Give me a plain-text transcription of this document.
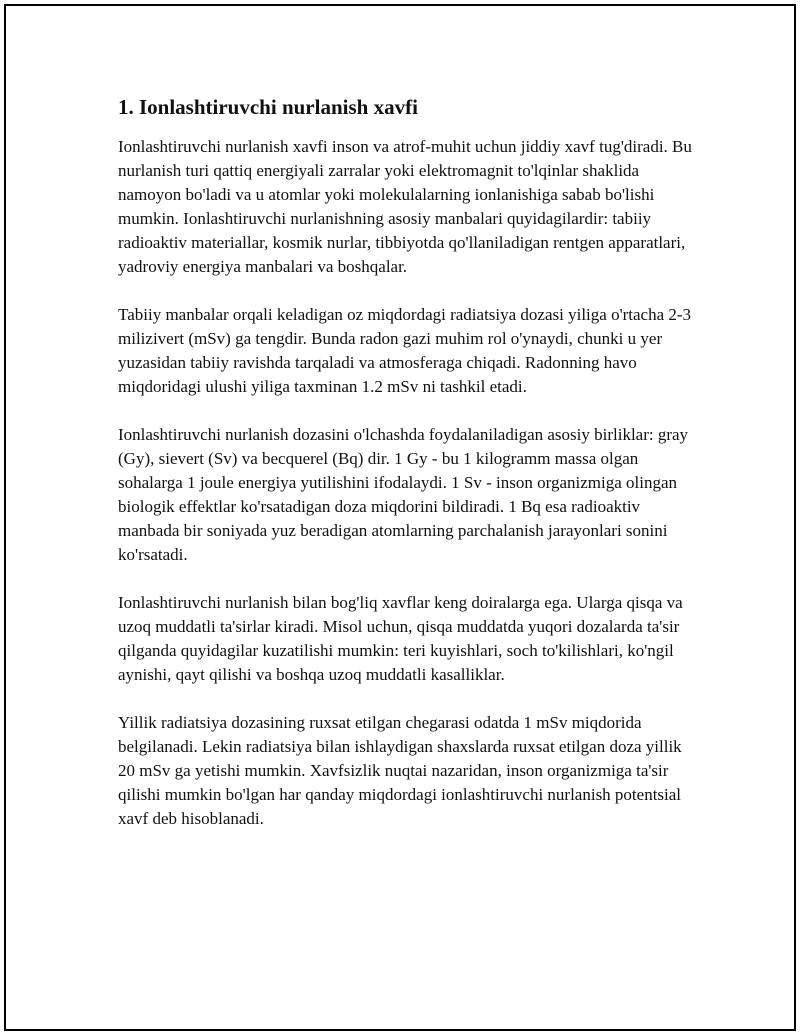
1. Ionlashtiruvchi nurlanish xavfi

Ionlashtiruvchi nurlanish xavfi inson va atrof-muhit uchun jiddiy xavf tug'diradi. Bu nurlanish turi qattiq energiyali zarralar yoki elektromagnit to'lqinlar shaklida namoyon bo'ladi va u atomlar yoki molekulalarning ionlanishiga sabab bo'lishi mumkin. Ionlashtiruvchi nurlanishning asosiy manbalari quyidagilardir: tabiiy radioaktiv materiallar, kosmik nurlar, tibbiyotda qo'llaniladigan rentgen apparatlari, yadroviy energiya manbalari va boshqalar.

Tabiiy manbalar orqali keladigan oz miqdordagi radiatsiya dozasi yiliga o'rtacha 2-3 milizivert (mSv) ga tengdir. Bunda radon gazi muhim rol o'ynaydi, chunki u yer yuzasidan tabiiy ravishda tarqaladi va atmosferaga chiqadi. Radonning havo miqdoridagi ulushi yiliga taxminan 1.2 mSv ni tashkil etadi.

Ionlashtiruvchi nurlanish dozasini o'lchashda foydalaniladigan asosiy birliklar: gray (Gy), sievert (Sv) va becquerel (Bq) dir. 1 Gy - bu 1 kilogramm massa olgan sohalarga 1 joule energiya yutilishini ifodalaydi. 1 Sv - inson organizmiga olingan biologik effektlar ko'rsatadigan doza miqdorini bildiradi. 1 Bq esa radioaktiv manbada bir soniyada yuz beradigan atomlarning parchalanish jarayonlari sonini ko'rsatadi.

Ionlashtiruvchi nurlanish bilan bog'liq xavflar keng doiralarga ega. Ularga qisqa va uzoq muddatli ta'sirlar kiradi. Misol uchun, qisqa muddatda yuqori dozalarda ta'sir qilganda quyidagilar kuzatilishi mumkin: teri kuyishlari, soch to'kilishlari, ko'ngil aynishi, qayt qilishi va boshqa uzoq muddatli kasalliklar.

Yillik radiatsiya dozasining ruxsat etilgan chegarasi odatda 1 mSv miqdorida belgilanadi. Lekin radiatsiya bilan ishlaydigan shaxslarda ruxsat etilgan doza yillik 20 mSv ga yetishi mumkin. Xavfsizlik nuqtai nazaridan, inson organizmiga ta'sir qilishi mumkin bo'lgan har qanday miqdordagi ionlashtiruvchi nurlanish potentsial xavf deb hisoblanadi.
